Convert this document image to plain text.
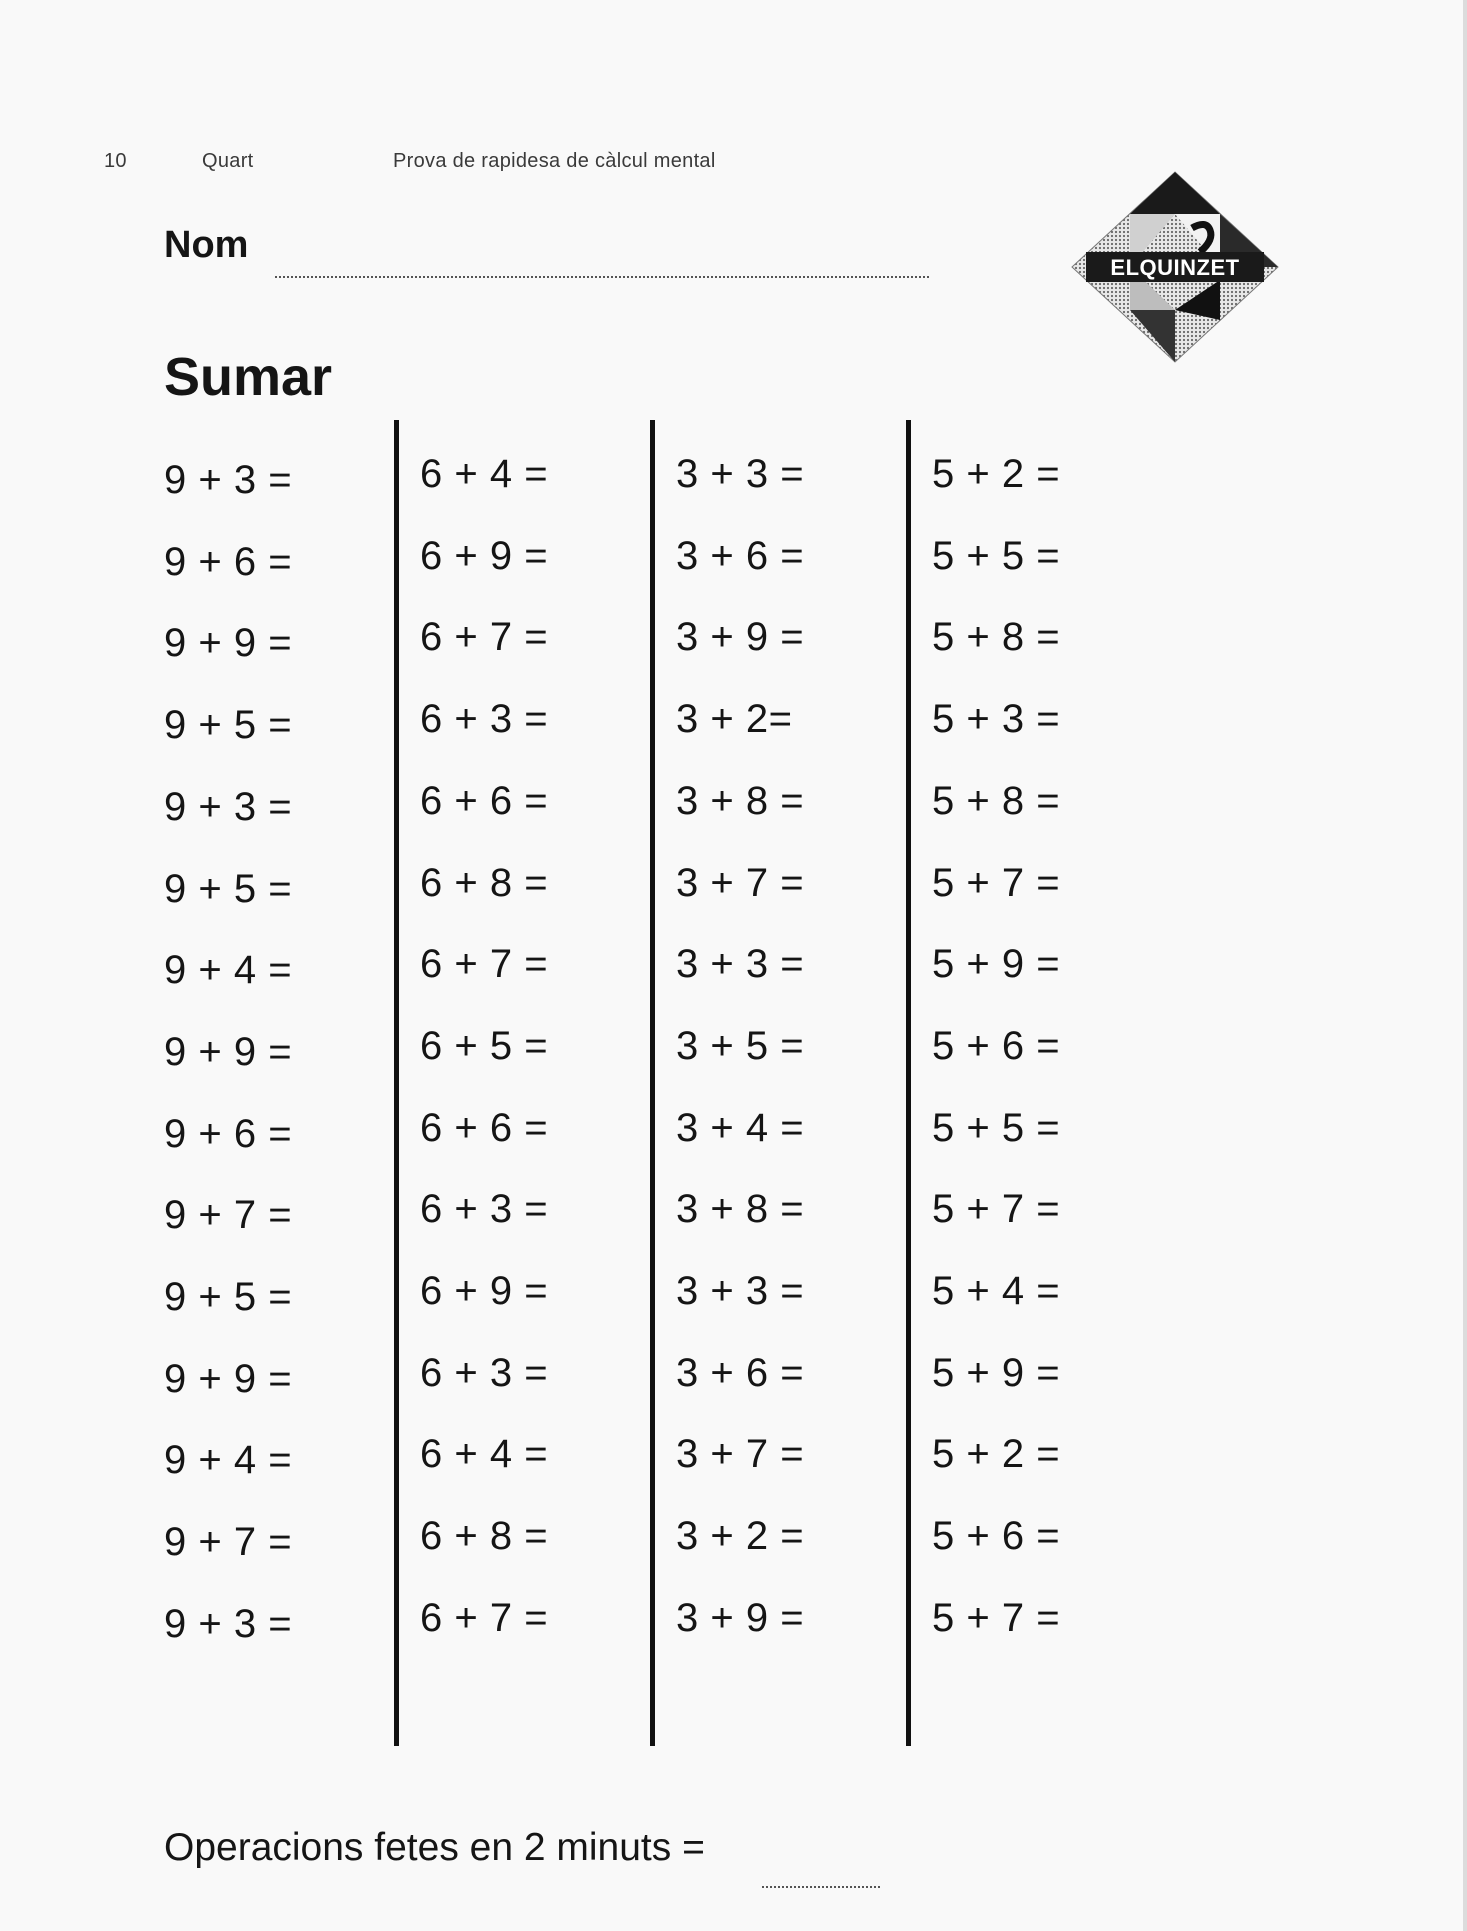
10	Quart	Prova de rapidesa de càlcul mental
Nom
ELQUINZET
Sumar
9 + 3 =
9 + 6 =
9 + 9 =
9 + 5 =
9 + 3 =
9 + 5 =
9 + 4 =
9 + 9 =
9 + 6 =
9 + 7 =
9 + 5 =
9 + 9 =
9 + 4 =
9 + 7 =
9 + 3 =
6 + 4 =
6 + 9 =
6 + 7 =
6 + 3 =
6 + 6 =
6 + 8 =
6 + 7 =
6 + 5 =
6 + 6 =
6 + 3 =
6 + 9 =
6 + 3 =
6 + 4 =
6 + 8 =
6 + 7 =
3 + 3 =
3 + 6 =
3 + 9 =
3 + 2=
3 + 8 =
3 + 7 =
3 + 3 =
3 + 5 =
3 + 4 =
3 + 8 =
3 + 3 =
3 + 6 =
3 + 7 =
3 + 2 =
3 + 9 =
5 + 2 =
5 + 5 =
5 + 8 =
5 + 3 =
5 + 8 =
5 + 7 =
5 + 9 =
5 + 6 =
5 + 5 =
5 + 7 =
5 + 4 =
5 + 9 =
5 + 2 =
5 + 6 =
5 + 7 =
Operacions fetes en 2 minuts =
